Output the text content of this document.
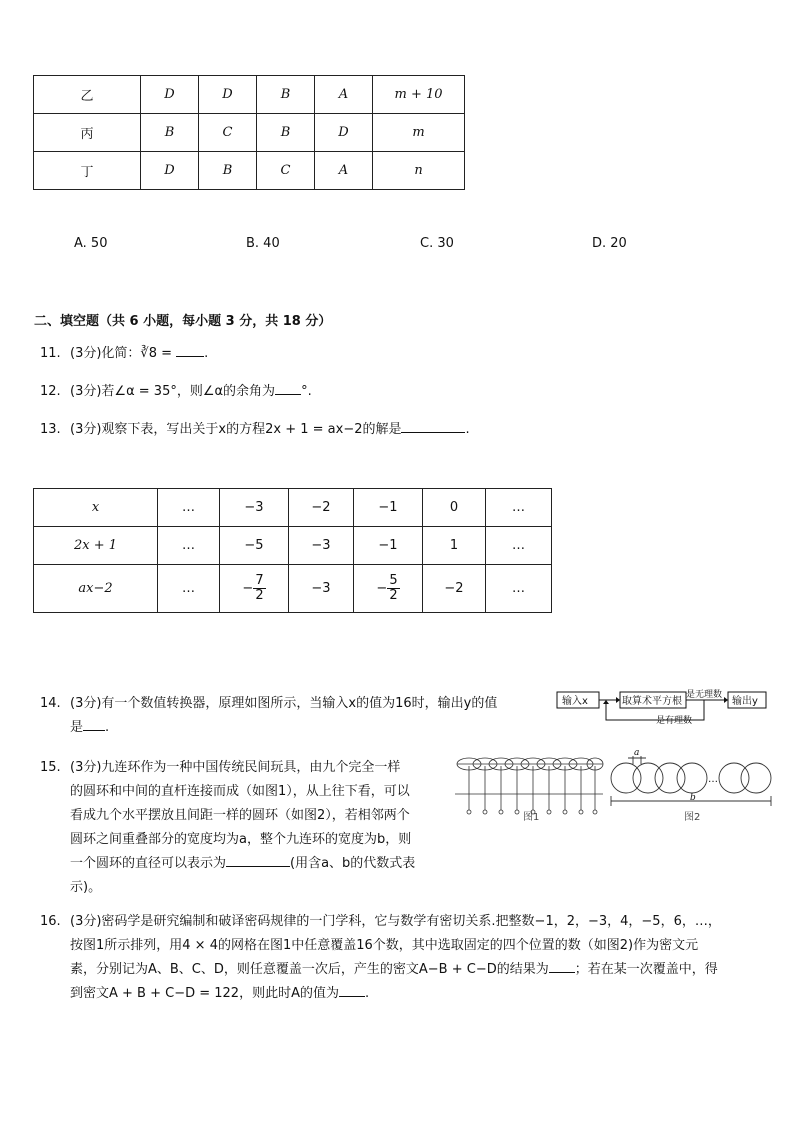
乙	D	D	B	A	m + 10
丙	B	C	B	D	m
丁	D	B	C	A	n
A. 50	B. 40	C. 30	D. 20
二、填空题（共 6 小题，每小题 3 分，共 18 分）
11. (3分)化简：∛8 = .
12. (3分)若∠α = 35°，则∠α的余角为 °.
13. (3分)观察下表，写出关于x的方程2x + 1 = ax−2的解是	.
x	…	−3	−2	−1	0	…
2x + 1	…	−5	−3	−1	1	…
ax−2	…	− $\frac{7}{2}$	−3	− $\frac{5}{2}$	−2	…
14. (3分)有一个数值转换器，原理如图所示，当输入x的值为16时，输出y的值
是 .
输入x	取算术平方根
是无理数
输出y
是有理数
15. (3分)九连环作为一种中国传统民间玩具，由九个完全一样
的圆环和中间的直杆连接而成（如图1），从上往下看，可以
看成九个水平摆放且间距一样的圆环（如图2），若相邻两个
圆环之间重叠部分的宽度均为a，整个九连环的宽度为b，则
一个圆环的直径可以表示为	(用含a、b的代数式表
示)。
图1
a
…
b
图2
16. (3分)密码学是研究编制和破译密码规律的一门学科，它与数学有密切关系.把整数−1，2，−3，4，−5，6，…，
按图1所示排列，用4 × 4的网格在图1中任意覆盖16个数，其中选取固定的四个位置的数（如图2)作为密文元
素，分别记为A、B、C、D，则任意覆盖一次后，产生的密文A−B + C−D的结果为 ；若在某一次覆盖中，得
到密文A + B + C−D = 122，则此时A的值为 .
